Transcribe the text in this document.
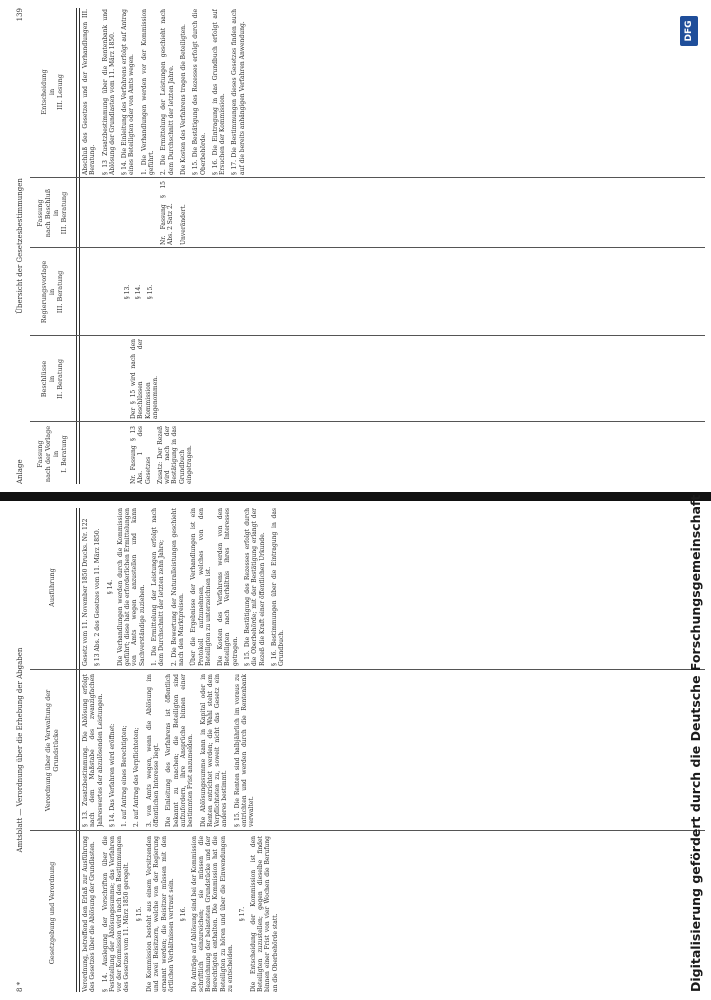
8 *
Amtsblatt — Verordnung über die Erhebung der Abgaben
Gesetzgebung und Verordnung
Verordnung über die Verwaltung der Grundstücke
Ausführung

Verordnung, betreffend den Erlaß zur Ausführung des Gesetzes über die Ablösung der Grundlasten. § 14. Auslegung der Vorschriften über die Feststellung der Ablösungssumme; das Verfahren vor der Kommission wird nach den Bestimmungen des Gesetzes vom 11. März 1850 geregelt. § 15. Die Kommission besteht aus einem Vorsitzenden und zwei Beisitzern, welche von der Regierung ernannt werden; die Beisitzer müssen mit den örtlichen Verhältnissen vertraut sein. § 16. Die Anträge auf Ablösung sind bei der Kommission schriftlich einzureichen; sie müssen die Bezeichnung der belasteten Grundstücke und der Berechtigten enthalten. Die Kommission hat die Beteiligten zu hören und über die Einwendungen zu entscheiden.

§ 17. Die Entscheidung der Kommission ist den Beteiligten zuzustellen; gegen dieselbe findet binnen einer Frist von vier Wochen die Berufung an die Oberbehörde statt.

§ 13. Zusatzbestimmung. Die Ablösung erfolgt nach dem Maßstabe des zwanzigfachen Jahreswertes der abzulösenden Leistungen. § 14. Das Verfahren wird eröffnet: 1. auf Antrag eines Berechtigten; 2. auf Antrag des Verpflichteten; 3. von Amts wegen, wenn die Ablösung im öffentlichen Interesse liegt. Die Einleitung des Verfahrens ist öffentlich bekannt zu machen; die Beteiligten sind aufzufordern, ihre Ansprüche binnen einer bestimmten Frist anzumelden. Die Ablösungssumme kann in Kapital oder in Renten entrichtet werden; die Wahl steht dem Verpflichteten zu, soweit nicht das Gesetz ein anderes bestimmt. § 15. Die Renten sind halbjährlich im voraus zu entrichten und werden durch die Rentenbank verwaltet.

Gesetz vom 11. November 1850 Drucks. Nr. 122 § 13 Abs. 2 des Gesetzes vom 11. März 1850. § 14. Die Verhandlungen werden durch die Kommission geführt; diese hat die erforderlichen Ermittelungen von Amts wegen anzustellen und kann Sachverständige zuziehen. 1. Die Ermittelung der Leistungen erfolgt nach dem Durchschnitt der letzten zehn Jahre; 2. Die Bewertung der Naturalleistungen geschieht nach den Marktpreisen. Über die Ergebnisse der Verhandlungen ist ein Protokoll aufzunehmen, welches von den Beteiligten zu unterzeichnen ist. Die Kosten des Verfahrens werden von den Beteiligten nach Verhältnis ihres Interesses getragen. § 15. Die Bestätigung des Rezesses erfolgt durch die Oberbehörde; mit der Bestätigung erlangt der Rezeß die Kraft einer öffentlichen Urkunde. § 16. Bestimmungen über die Eintragung in das Grundbuch.

Anlage
Übersicht der Gesetzesbestimmungen
139
Fassung
nach der Vorlage
in
I. Beratung
Beschlüsse
in
II. Beratung
Regierungsvorlage
in
III. Beratung
Fassung
nach Beschluß
in
III. Beratung
Entscheidung
in
III. Lesung

Nr. Fassung § 13 Abs. 1 des Gesetzes Zusatz: Der Rezeß wird nach der Bestätigung in das Grundbuch eingetragen.

Der § 15 wird nach den Beschlüssen der Kommission angenommen.

§ 13. § 14. § 15.

Nr. Fassung § 15 Abs. 2 Satz 2. Unverändert.

Abschluß des Gesetzes und der Verhandlungen III. Beratung. § 13 Zusatzbestimmung über die Rentenbank und Ablösung der Grundlasten vom 11. März 1850. § 14. Die Einleitung des Verfahrens erfolgt auf Antrag eines Beteiligten oder von Amts wegen. 1. Die Verhandlungen werden vor der Kommission geführt. 2. Die Ermittelung der Leistungen geschieht nach dem Durchschnitt der letzten Jahre. Die Kosten des Verfahrens tragen die Beteiligten. § 15. Die Bestätigung des Rezesses erfolgt durch die Oberbehörde. § 16. Die Eintragung in das Grundbuch erfolgt auf Ersuchen der Kommission. § 17. Die Bestimmungen dieses Gesetzes finden auch auf die bereits anhängigen Verfahren Anwendung.	DFG
Digitalisierung gefördert durch die Deutsche Forschungsgemeinschaft
